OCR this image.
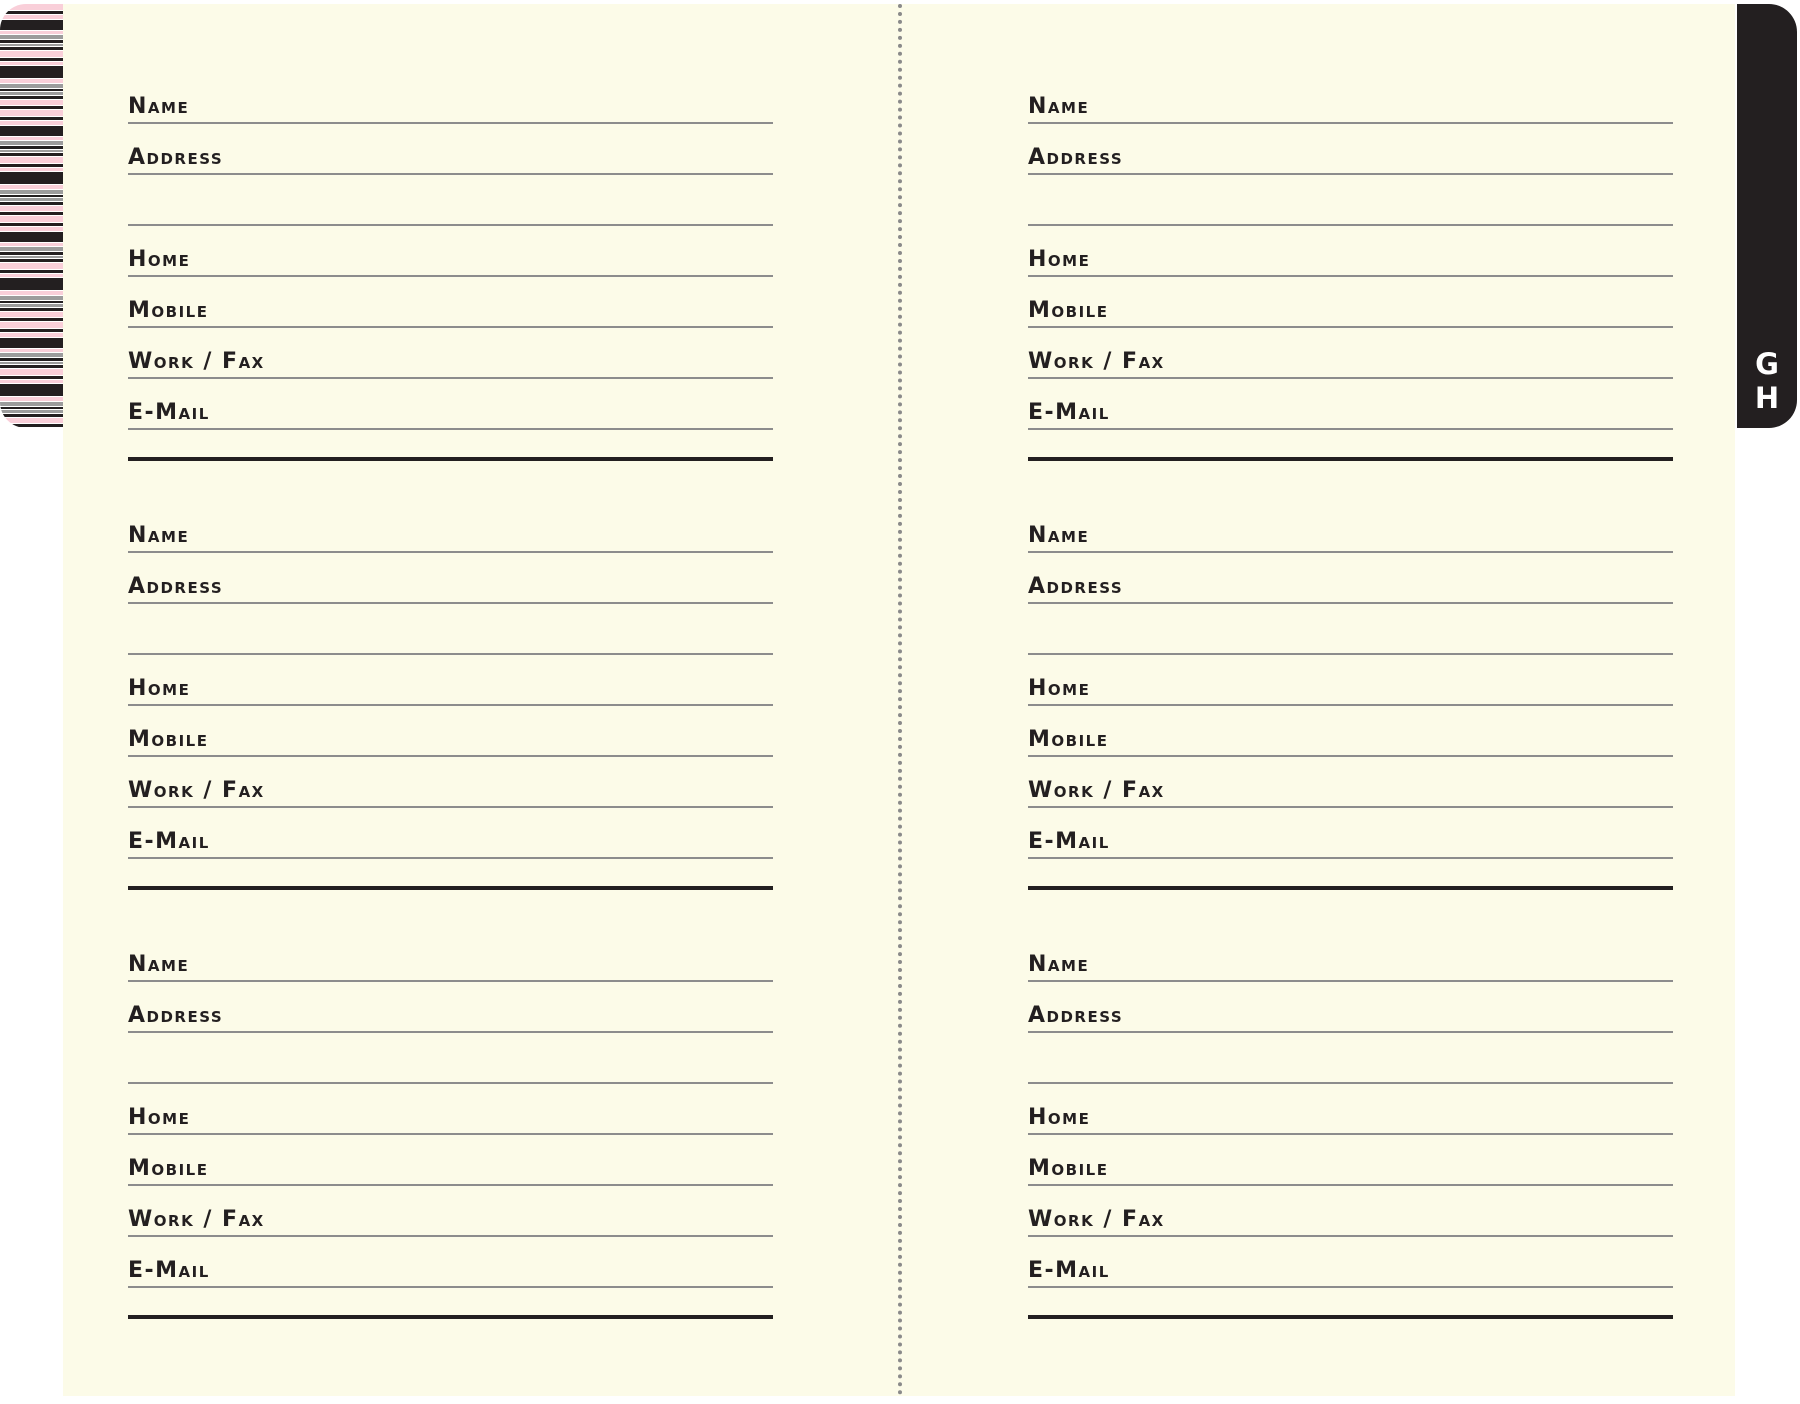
G
H
Name
Address
Home
Mobile
Work / Fax
E-Mail
Name
Address
Home
Mobile
Work / Fax
E-Mail
Name
Address
Home
Mobile
Work / Fax
E-Mail
Name
Address
Home
Mobile
Work / Fax
E-Mail
Name
Address
Home
Mobile
Work / Fax
E-Mail
Name
Address
Home
Mobile
Work / Fax
E-Mail
